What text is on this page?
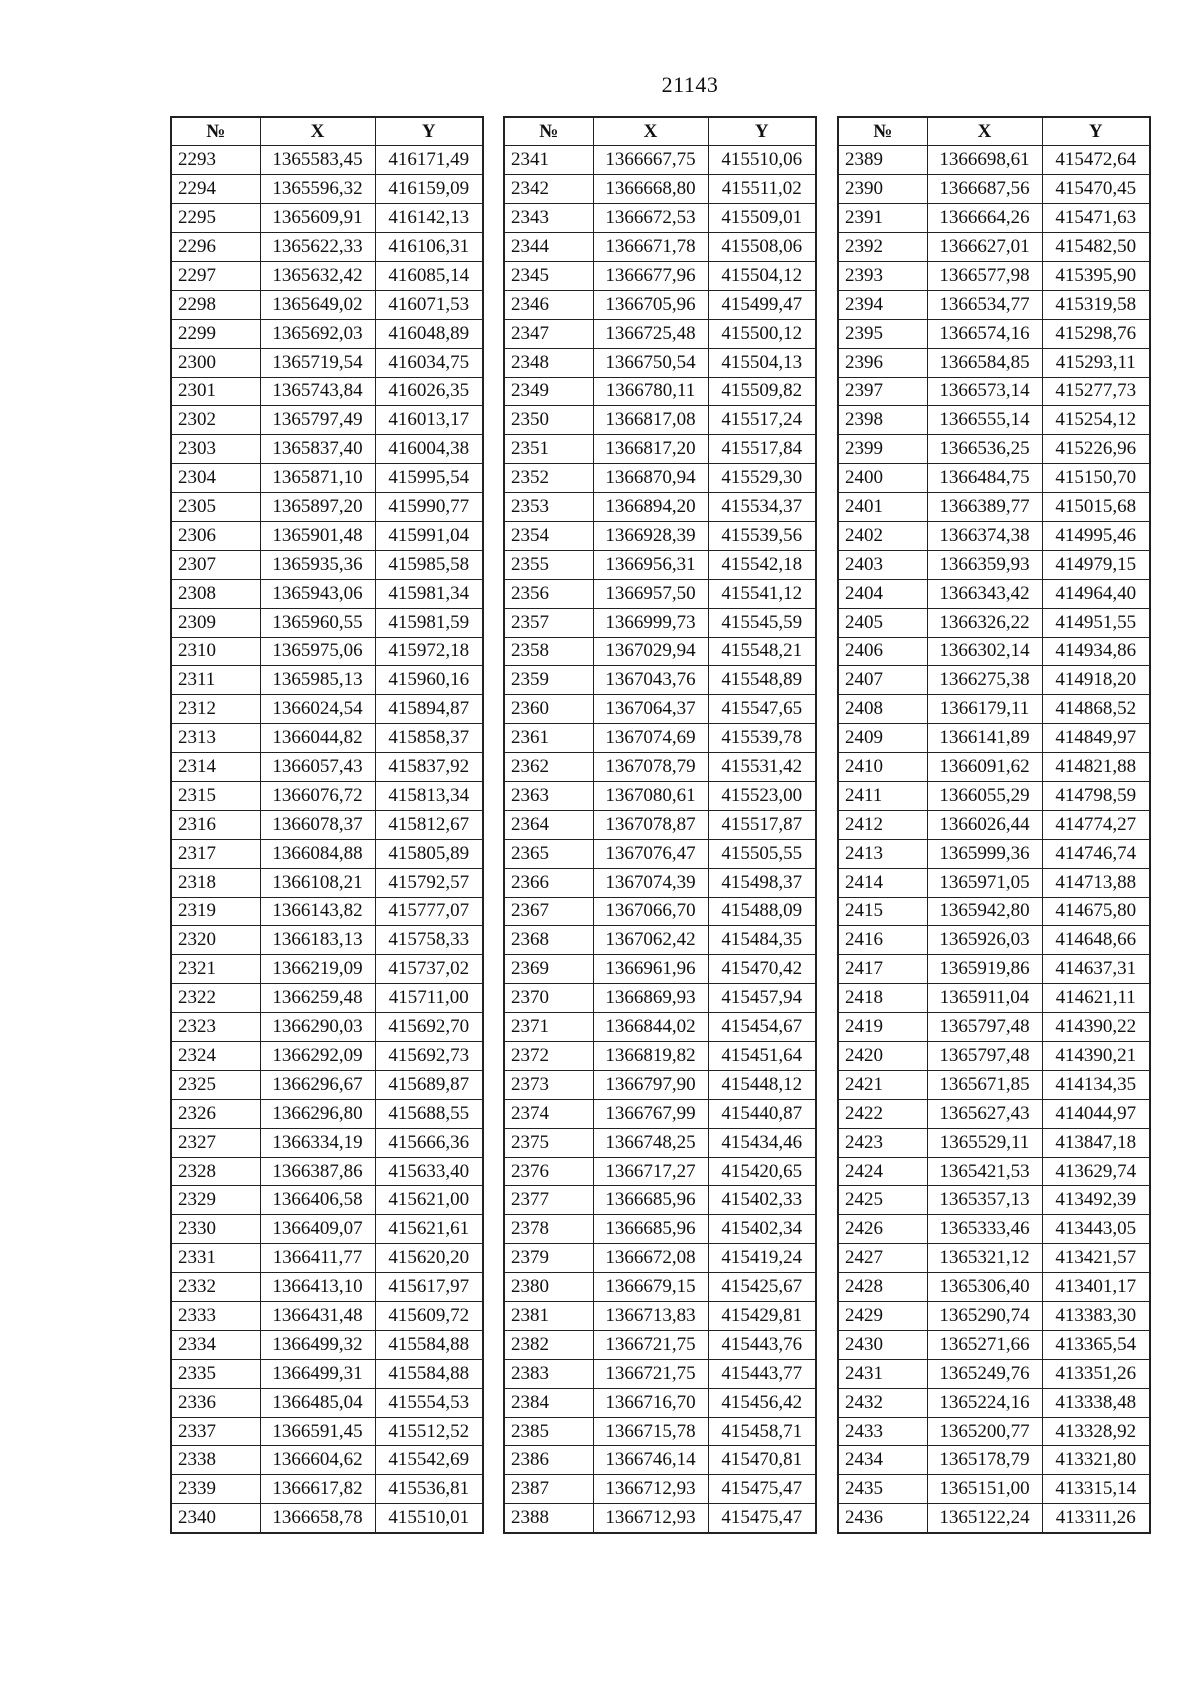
21143
№	X	Y
2293	1365583,45	416171,49
2294	1365596,32	416159,09
2295	1365609,91	416142,13
2296	1365622,33	416106,31
2297	1365632,42	416085,14
2298	1365649,02	416071,53
2299	1365692,03	416048,89
2300	1365719,54	416034,75
2301	1365743,84	416026,35
2302	1365797,49	416013,17
2303	1365837,40	416004,38
2304	1365871,10	415995,54
2305	1365897,20	415990,77
2306	1365901,48	415991,04
2307	1365935,36	415985,58
2308	1365943,06	415981,34
2309	1365960,55	415981,59
2310	1365975,06	415972,18
2311	1365985,13	415960,16
2312	1366024,54	415894,87
2313	1366044,82	415858,37
2314	1366057,43	415837,92
2315	1366076,72	415813,34
2316	1366078,37	415812,67
2317	1366084,88	415805,89
2318	1366108,21	415792,57
2319	1366143,82	415777,07
2320	1366183,13	415758,33
2321	1366219,09	415737,02
2322	1366259,48	415711,00
2323	1366290,03	415692,70
2324	1366292,09	415692,73
2325	1366296,67	415689,87
2326	1366296,80	415688,55
2327	1366334,19	415666,36
2328	1366387,86	415633,40
2329	1366406,58	415621,00
2330	1366409,07	415621,61
2331	1366411,77	415620,20
2332	1366413,10	415617,97
2333	1366431,48	415609,72
2334	1366499,32	415584,88
2335	1366499,31	415584,88
2336	1366485,04	415554,53
2337	1366591,45	415512,52
2338	1366604,62	415542,69
2339	1366617,82	415536,81
2340	1366658,78	415510,01
№	X	Y
2341	1366667,75	415510,06
2342	1366668,80	415511,02
2343	1366672,53	415509,01
2344	1366671,78	415508,06
2345	1366677,96	415504,12
2346	1366705,96	415499,47
2347	1366725,48	415500,12
2348	1366750,54	415504,13
2349	1366780,11	415509,82
2350	1366817,08	415517,24
2351	1366817,20	415517,84
2352	1366870,94	415529,30
2353	1366894,20	415534,37
2354	1366928,39	415539,56
2355	1366956,31	415542,18
2356	1366957,50	415541,12
2357	1366999,73	415545,59
2358	1367029,94	415548,21
2359	1367043,76	415548,89
2360	1367064,37	415547,65
2361	1367074,69	415539,78
2362	1367078,79	415531,42
2363	1367080,61	415523,00
2364	1367078,87	415517,87
2365	1367076,47	415505,55
2366	1367074,39	415498,37
2367	1367066,70	415488,09
2368	1367062,42	415484,35
2369	1366961,96	415470,42
2370	1366869,93	415457,94
2371	1366844,02	415454,67
2372	1366819,82	415451,64
2373	1366797,90	415448,12
2374	1366767,99	415440,87
2375	1366748,25	415434,46
2376	1366717,27	415420,65
2377	1366685,96	415402,33
2378	1366685,96	415402,34
2379	1366672,08	415419,24
2380	1366679,15	415425,67
2381	1366713,83	415429,81
2382	1366721,75	415443,76
2383	1366721,75	415443,77
2384	1366716,70	415456,42
2385	1366715,78	415458,71
2386	1366746,14	415470,81
2387	1366712,93	415475,47
2388	1366712,93	415475,47
№	X	Y
2389	1366698,61	415472,64
2390	1366687,56	415470,45
2391	1366664,26	415471,63
2392	1366627,01	415482,50
2393	1366577,98	415395,90
2394	1366534,77	415319,58
2395	1366574,16	415298,76
2396	1366584,85	415293,11
2397	1366573,14	415277,73
2398	1366555,14	415254,12
2399	1366536,25	415226,96
2400	1366484,75	415150,70
2401	1366389,77	415015,68
2402	1366374,38	414995,46
2403	1366359,93	414979,15
2404	1366343,42	414964,40
2405	1366326,22	414951,55
2406	1366302,14	414934,86
2407	1366275,38	414918,20
2408	1366179,11	414868,52
2409	1366141,89	414849,97
2410	1366091,62	414821,88
2411	1366055,29	414798,59
2412	1366026,44	414774,27
2413	1365999,36	414746,74
2414	1365971,05	414713,88
2415	1365942,80	414675,80
2416	1365926,03	414648,66
2417	1365919,86	414637,31
2418	1365911,04	414621,11
2419	1365797,48	414390,22
2420	1365797,48	414390,21
2421	1365671,85	414134,35
2422	1365627,43	414044,97
2423	1365529,11	413847,18
2424	1365421,53	413629,74
2425	1365357,13	413492,39
2426	1365333,46	413443,05
2427	1365321,12	413421,57
2428	1365306,40	413401,17
2429	1365290,74	413383,30
2430	1365271,66	413365,54
2431	1365249,76	413351,26
2432	1365224,16	413338,48
2433	1365200,77	413328,92
2434	1365178,79	413321,80
2435	1365151,00	413315,14
2436	1365122,24	413311,26
